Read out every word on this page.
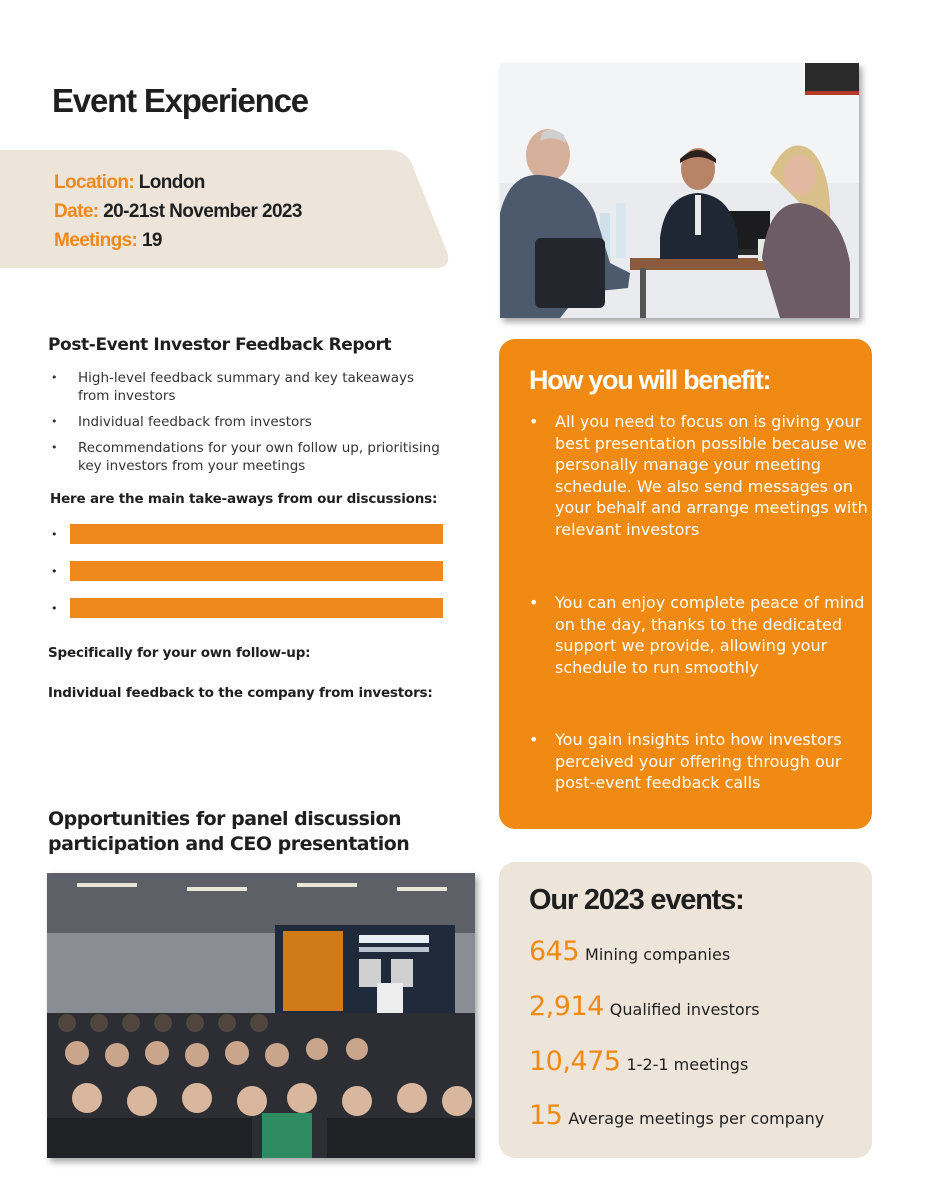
Event Experience

Location: London

Date: 20-21st November 2023

Meetings: 19

Post-Event Investor Feedback Report
• High-level feedback summary and key takeaways from investors
• Individual feedback from investors
• Recommendations for your own follow up, prioritising key investors from your meetings

Here are the main take-aways from our discussions:

•
•
•

Specifically for your own follow-up:

Individual feedback to the company from investors:

Opportunities for panel discussion participation and CEO presentation
How you will benefit:
• All you need to focus on is giving your best presentation possible because we personally manage your meeting schedule. We also send messages on your behalf and arrange meetings with relevant investors
• You can enjoy complete peace of mind on the day, thanks to the dedicated support we provide, allowing your schedule to run smoothly
• You gain insights into how investors perceived your offering through our post-event feedback calls
Our 2023 events:
645 Mining companies
2,914 Qualified investors
10,475 1-2-1 meetings
15 Average meetings per company
